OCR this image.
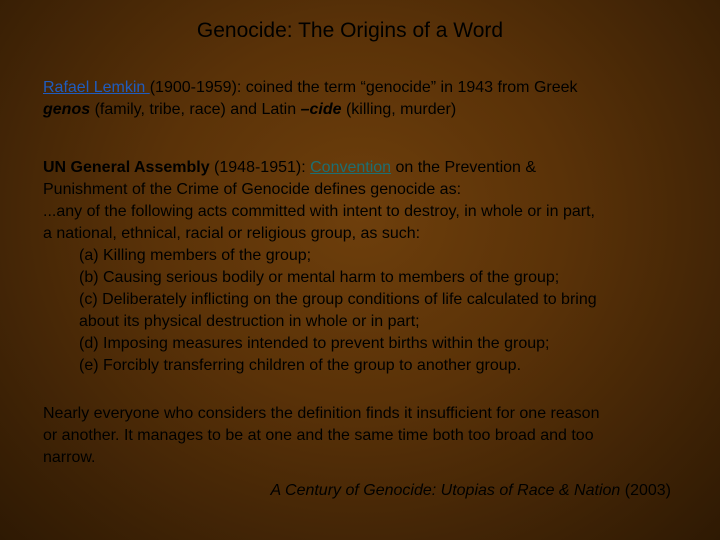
Genocide: The Origins of a Word
Rafael Lemkin (1900-1959): coined the term “genocide” in 1943 from Greek
genos (family, tribe, race) and Latin –cide (killing, murder)
UN General Assembly (1948-1951): Convention on the Prevention &
Punishment of the Crime of Genocide defines genocide as:
...any of the following acts committed with intent to destroy, in whole or in part,
a national, ethnical, racial or religious group, as such:
(a) Killing members of the group;
(b) Causing serious bodily or mental harm to members of the group;
(c) Deliberately inflicting on the group conditions of life calculated to bring
about its physical destruction in whole or in part;
(d) Imposing measures intended to prevent births within the group;
(e) Forcibly transferring children of the group to another group.
Nearly everyone who considers the definition finds it insufficient for one reason
or another. It manages to be at one and the same time both too broad and too
narrow.
A Century of Genocide: Utopias of Race & Nation (2003)
